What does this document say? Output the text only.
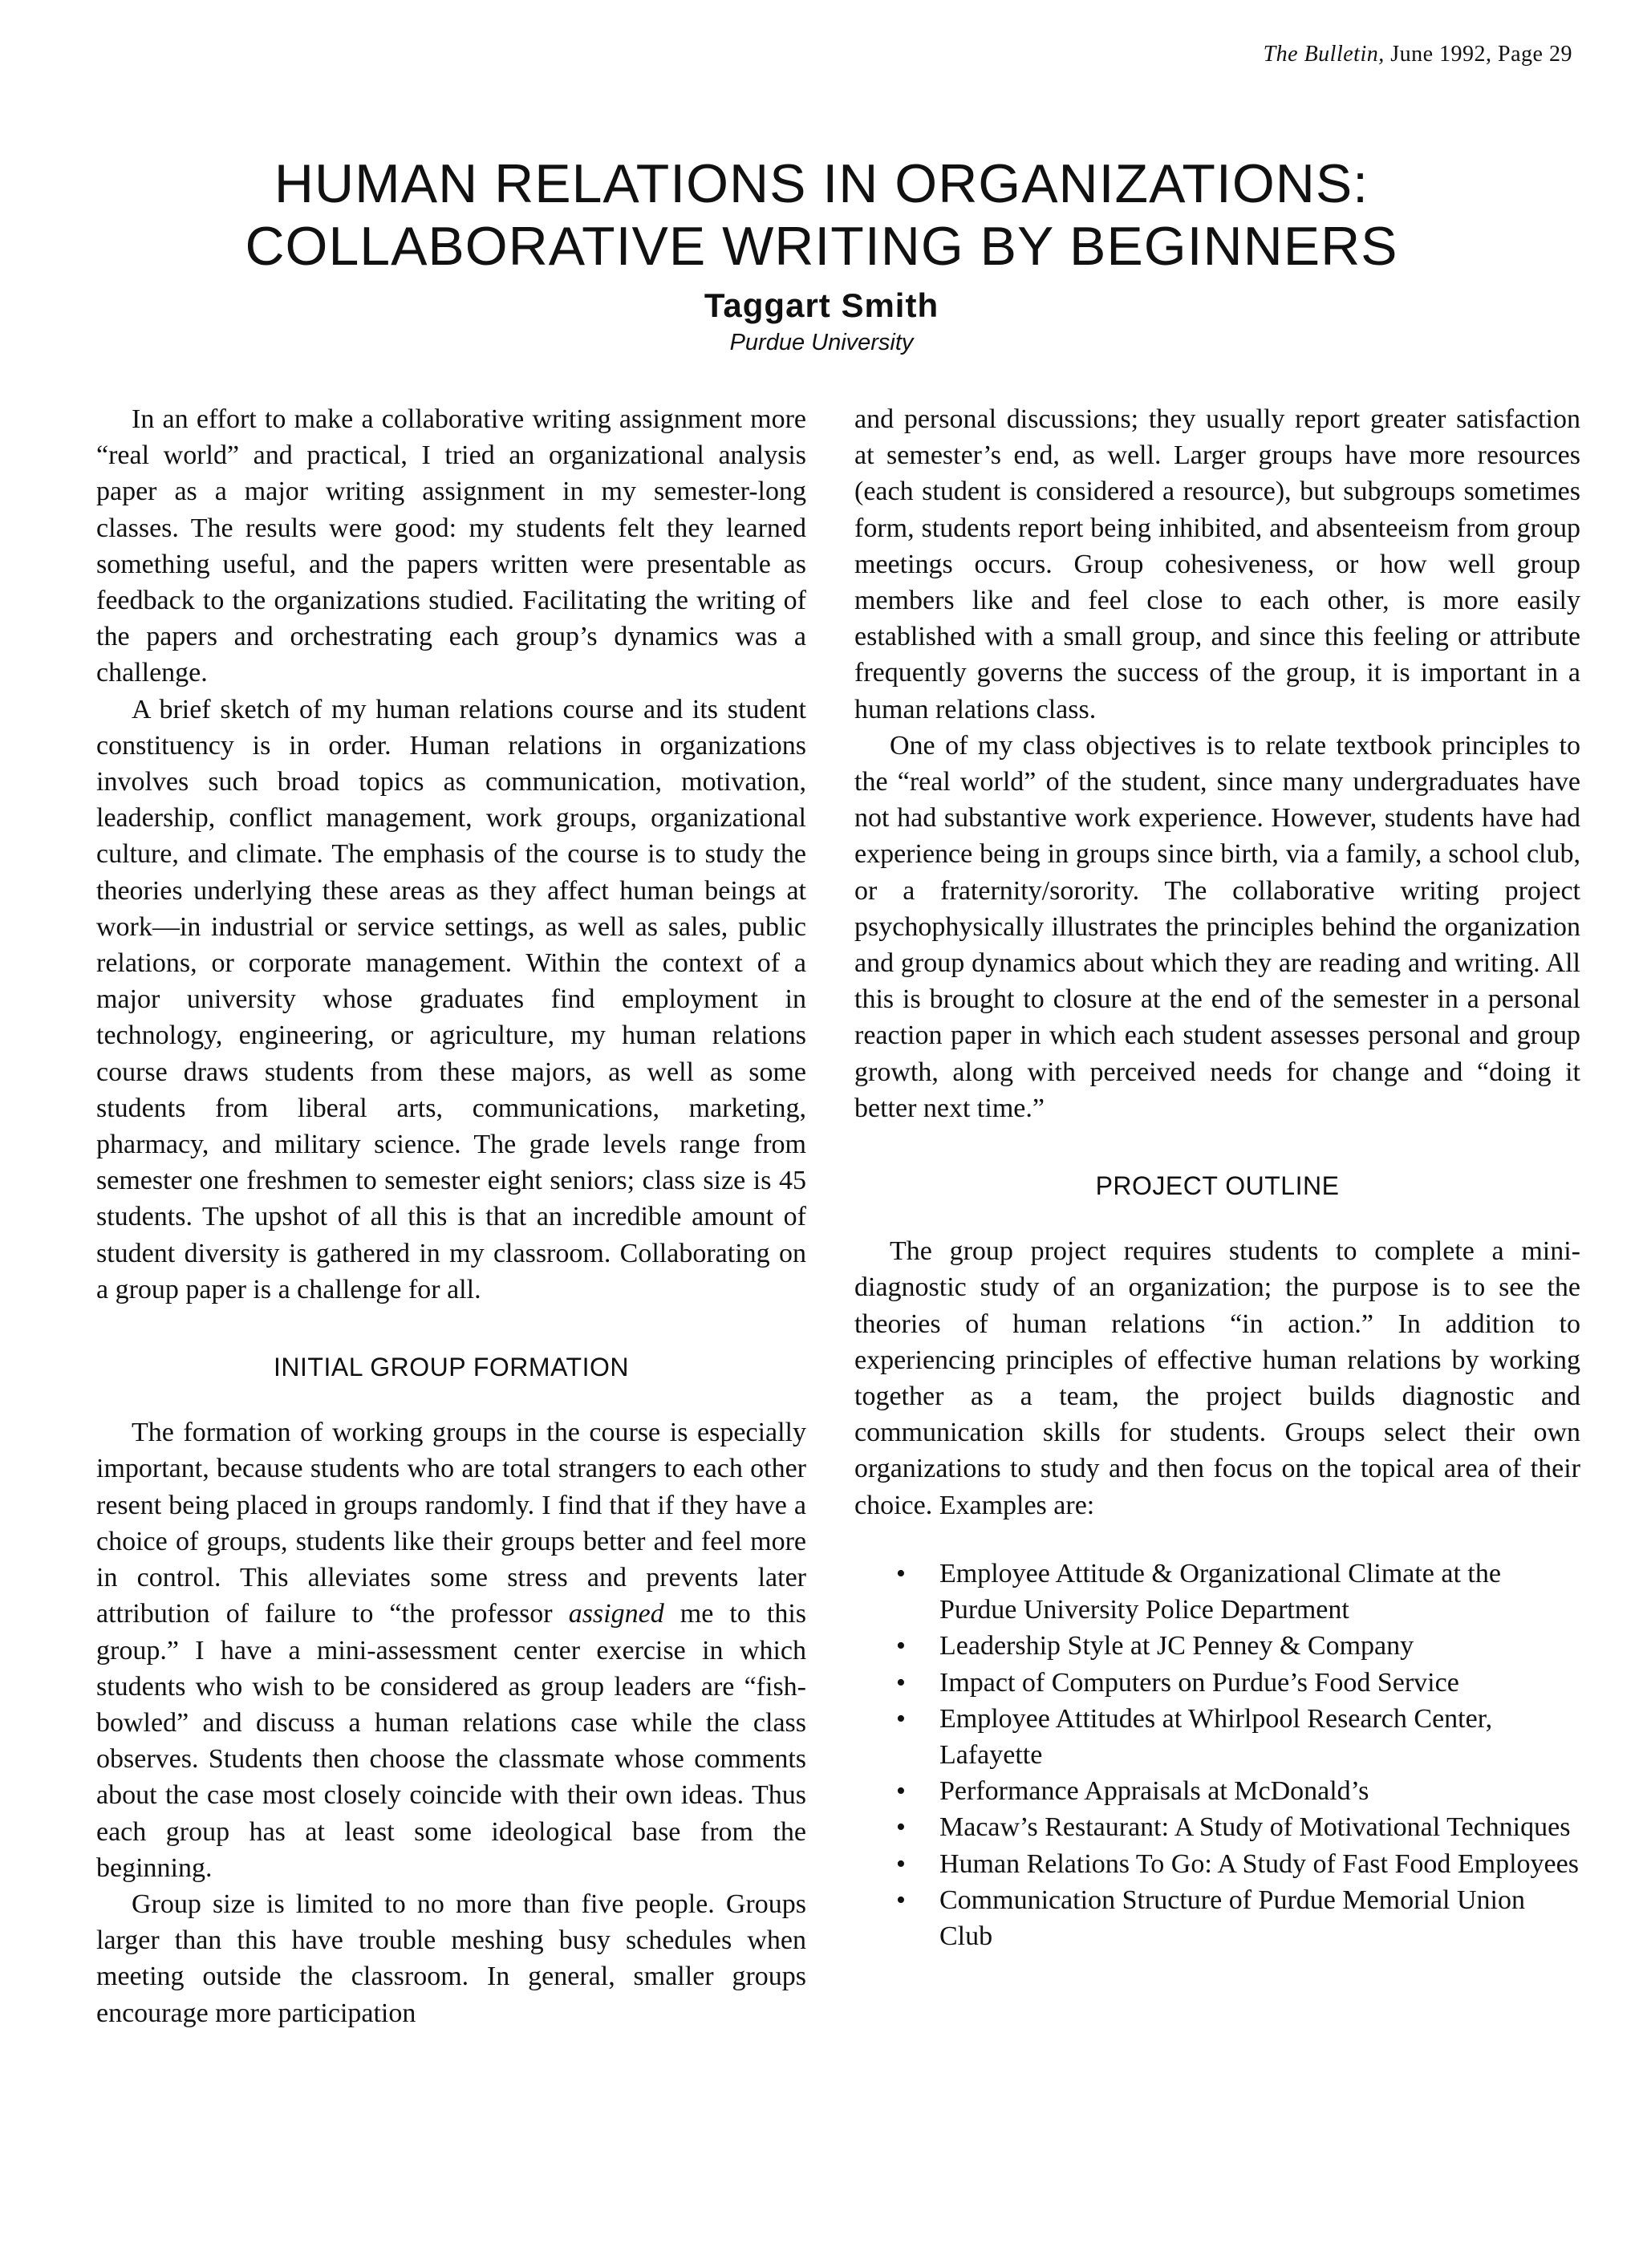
The Bulletin, June 1992, Page 29
HUMAN RELATIONS IN ORGANIZATIONS:
COLLABORATIVE WRITING BY BEGINNERS
Taggart Smith
Purdue University

In an effort to make a collaborative writing assignment more “real world” and practical, I tried an organizational analysis paper as a major writing assignment in my semester-long classes. The results were good: my students felt they learned something useful, and the papers written were presentable as feedback to the organizations studied. Facilitating the writing of the papers and orchestrating each group’s dynamics was a challenge.

A brief sketch of my human relations course and its student constituency is in order. Human relations in organizations involves such broad topics as communication, motivation, leadership, conflict management, work groups, organizational culture, and climate. The emphasis of the course is to study the theories underlying these areas as they affect human beings at work—in industrial or service settings, as well as sales, public relations, or corporate management. Within the context of a major university whose graduates find employment in technology, engineering, or agriculture, my human relations course draws students from these majors, as well as some students from liberal arts, communications, marketing, pharmacy, and military science. The grade levels range from semester one freshmen to semester eight seniors; class size is 45 students. The upshot of all this is that an incredible amount of student diversity is gathered in my classroom. Collaborating on a group paper is a challenge for all.

INITIAL GROUP FORMATION

The formation of working groups in the course is especially important, because students who are total strangers to each other resent being placed in groups randomly. I find that if they have a choice of groups, students like their groups better and feel more in control. This alleviates some stress and prevents later attribution of failure to “the professor assigned me to this group.” I have a mini-assessment center exercise in which students who wish to be considered as group leaders are “fish-bowled” and discuss a human relations case while the class observes. Students then choose the classmate whose comments about the case most closely coincide with their own ideas. Thus each group has at least some ideological base from the beginning.

Group size is limited to no more than five people. Groups larger than this have trouble meshing busy schedules when meeting outside the classroom. In general, smaller groups encourage more participation

and personal discussions; they usually report greater satisfaction at semester’s end, as well. Larger groups have more resources (each student is considered a resource), but subgroups sometimes form, students report being inhibited, and absenteeism from group meetings occurs. Group cohesiveness, or how well group members like and feel close to each other, is more easily established with a small group, and since this feeling or attribute frequently governs the success of the group, it is important in a human relations class.

One of my class objectives is to relate textbook principles to the “real world” of the student, since many undergraduates have not had substantive work experience. However, students have had experience being in groups since birth, via a family, a school club, or a fraternity/sorority. The collaborative writing project psychophysically illustrates the principles behind the organization and group dynamics about which they are reading and writing. All this is brought to closure at the end of the semester in a personal reaction paper in which each student assesses personal and group growth, along with perceived needs for change and “doing it better next time.”

PROJECT OUTLINE

The group project requires students to complete a mini-diagnostic study of an organization; the purpose is to see the theories of human relations “in action.” In addition to experiencing principles of effective human relations by working together as a team, the project builds diagnostic and communication skills for students. Groups select their own organizations to study and then focus on the topical area of their choice. Examples are:

• Employee Attitude & Organizational Climate at the Purdue University Police Department
• Leadership Style at JC Penney & Company
• Impact of Computers on Purdue’s Food Service
• Employee Attitudes at Whirlpool Research Center, Lafayette
• Performance Appraisals at McDonald’s
• Macaw’s Restaurant: A Study of Motivational Techniques
• Human Relations To Go: A Study of Fast Food Employees
• Communication Structure of Purdue Memorial Union Club
